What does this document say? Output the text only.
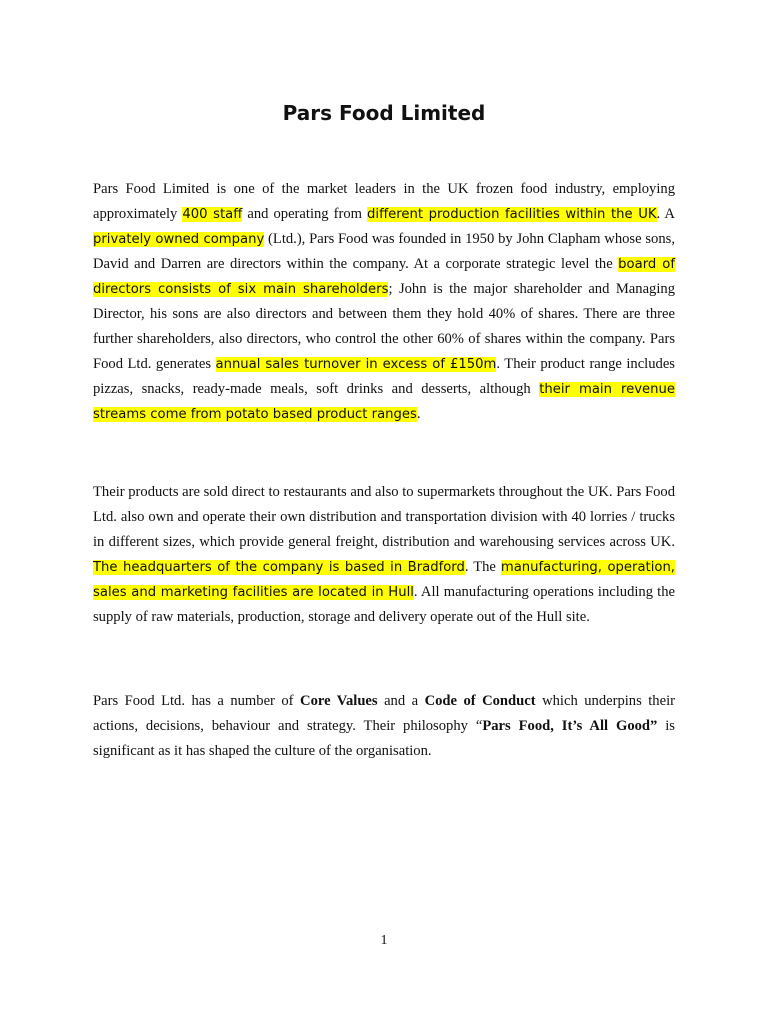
Pars Food Limited

Pars Food Limited is one of the market leaders in the UK frozen food industry, employing approximately 400 staff and operating from different production facilities within the UK. A privately owned company (Ltd.), Pars Food was founded in 1950 by John Clapham whose sons, David and Darren are directors within the company. At a corporate strategic level the board of directors consists of six main shareholders; John is the major shareholder and Managing Director, his sons are also directors and between them they hold 40% of shares. There are three further shareholders, also directors, who control the other 60% of shares within the company. Pars Food Ltd. generates annual sales turnover in excess of £150m. Their product range includes pizzas, snacks, ready-made meals, soft drinks and desserts, although their main revenue streams come from potato based product ranges.

Their products are sold direct to restaurants and also to supermarkets throughout the UK. Pars Food Ltd. also own and operate their own distribution and transportation division with 40 lorries / trucks in different sizes, which provide general freight, distribution and warehousing services across UK. The headquarters of the company is based in Bradford. The manufacturing, operation, sales and marketing facilities are located in Hull. All manufacturing operations including the supply of raw materials, production, storage and delivery operate out of the Hull site.

Pars Food Ltd. has a number of Core Values and a Code of Conduct which underpins their actions, decisions, behaviour and strategy. Their philosophy “Pars Food, It’s All Good” is significant as it has shaped the culture of the organisation.

1
